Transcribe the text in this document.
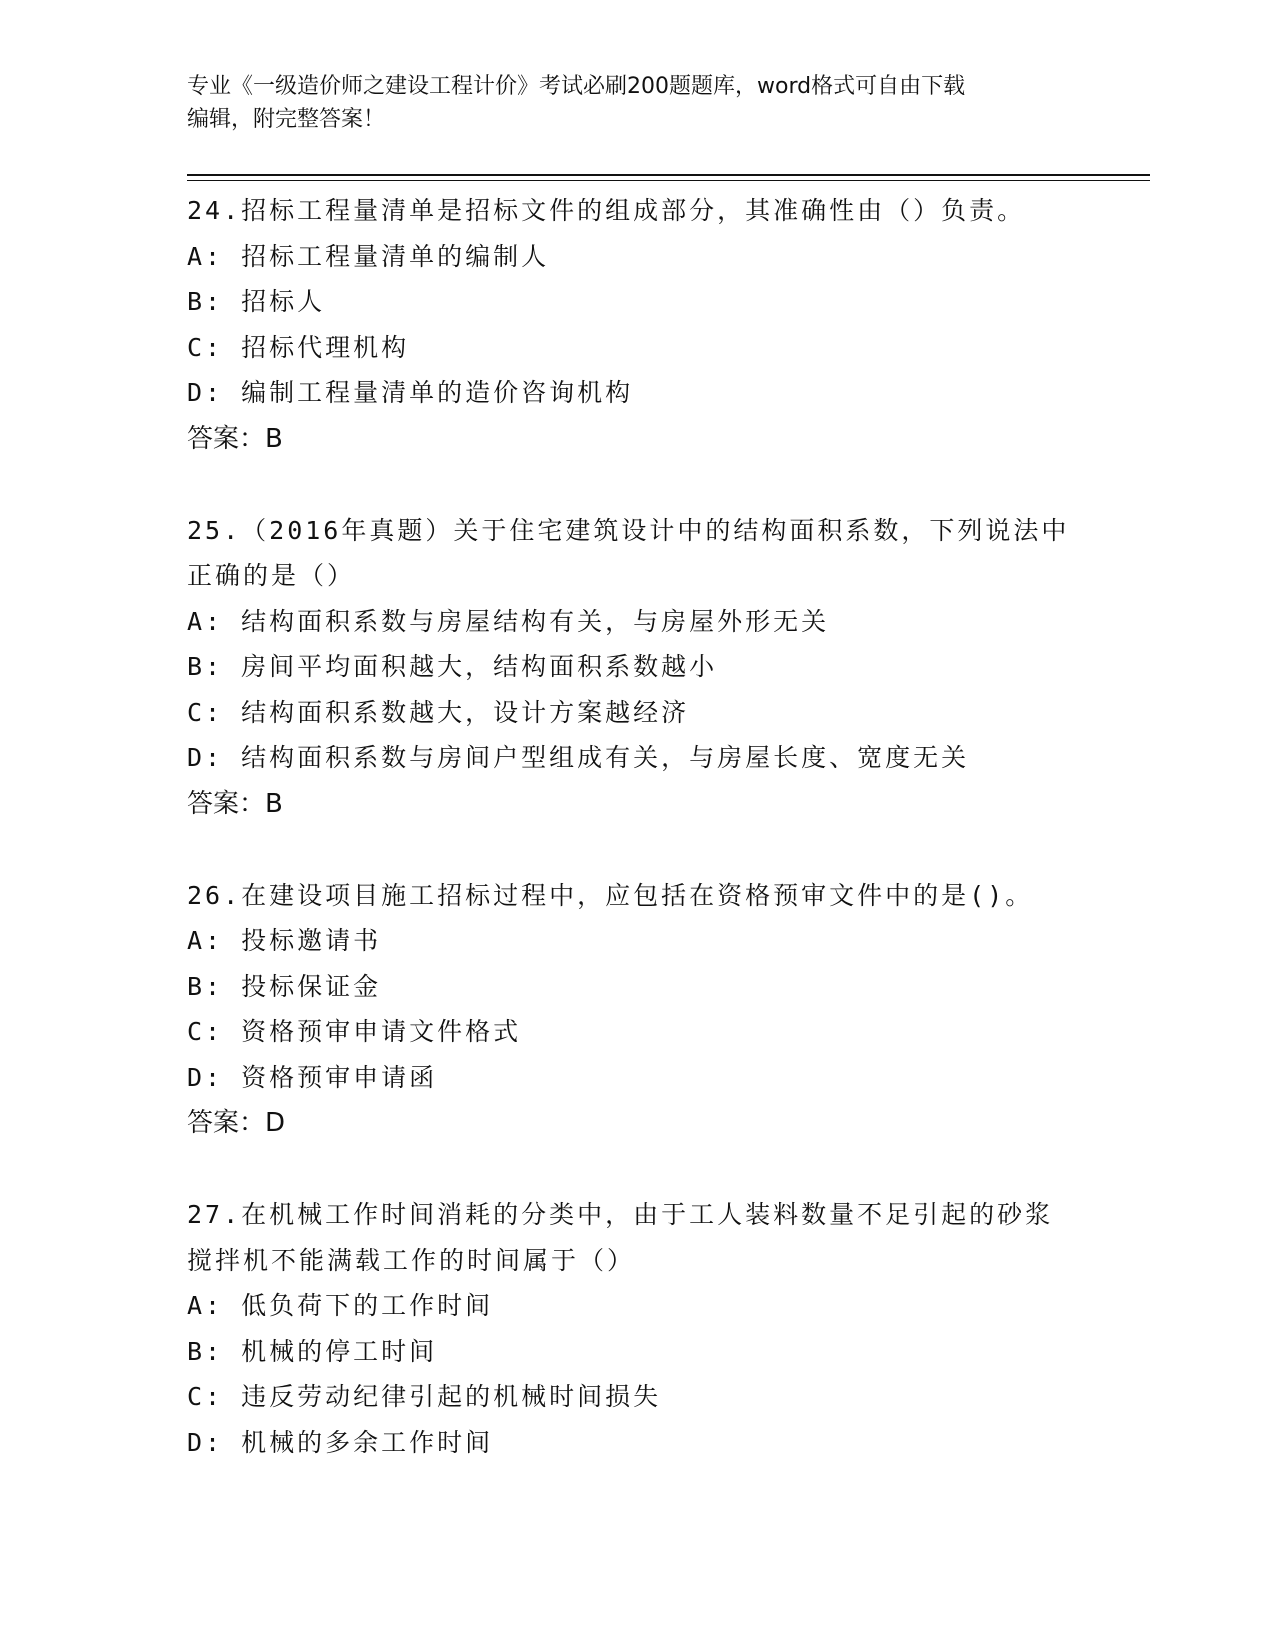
专业《一级造价师之建设工程计价》考试必刷200题题库，word格式可自由下载
编辑，附完整答案！
24.招标工程量清单是招标文件的组成部分，其准确性由（）负责。
A: 招标工程量清单的编制人
B: 招标人
C: 招标代理机构
D: 编制工程量清单的造价咨询机构
答案：B
25.（2016年真题）关于住宅建筑设计中的结构面积系数，下列说法中
正确的是（）
A: 结构面积系数与房屋结构有关，与房屋外形无关
B: 房间平均面积越大，结构面积系数越小
C: 结构面积系数越大，设计方案越经济
D: 结构面积系数与房间户型组成有关，与房屋长度、宽度无关
答案：B
26.在建设项目施工招标过程中，应包括在资格预审文件中的是()。
A: 投标邀请书
B: 投标保证金
C: 资格预审申请文件格式
D: 资格预审申请函
答案：D
27.在机械工作时间消耗的分类中，由于工人装料数量不足引起的砂浆
搅拌机不能满载工作的时间属于（）
A: 低负荷下的工作时间
B: 机械的停工时间
C: 违反劳动纪律引起的机械时间损失
D: 机械的多余工作时间
